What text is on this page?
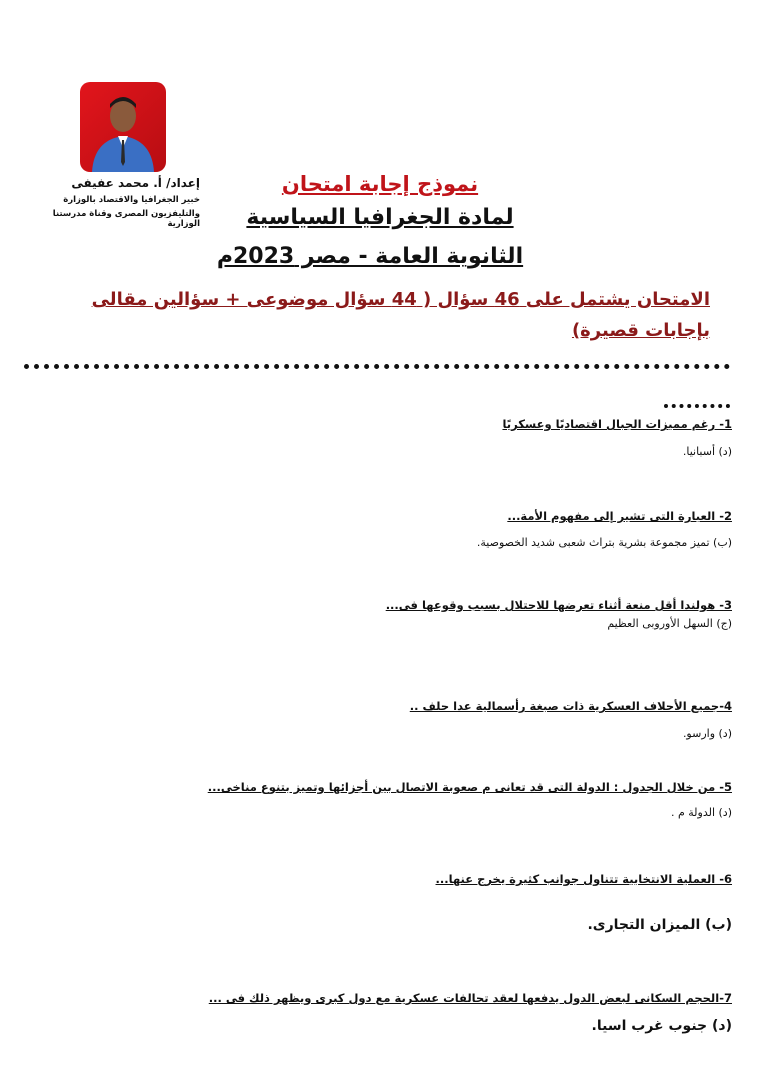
إعداد/ أ. محمد عفيفى
خبير الجغرافيا والاقتصاد بالوزارة
والتليفزيون المصرى وقناة مدرستنا الوزارية
نموذج إجابة امتحان
لمادة الجغرافيا السياسية
الثانوية العامة - مصر 2023م
الامتحان يشتمل على 46 سؤال ( 44 سؤال موضوعى + سؤالين مقالى بإجابات قصيرة)
1- رغم مميزات الجبال اقتصاديًا وعسكريًا
(د) أسبانيا.
2- العبارة التى تشير إلى مفهوم الأمة...
(ب) تميز مجموعة بشرية بتراث شعبى شديد الخصوصية.
3- هولندا أقل منعة أثناء تعرضها للاحتلال بسبب وقوعها فى...
(ج) السهل الأوروبى العظيم
4-جميع الأحلاف العسكرية ذات صبغة رأسمالية عدا حلف ..
(د) وارسو.
5- من خلال الجدول : الدولة التى قد تعانى م صعوبة الاتصال بين أجزائها وتميز بتنوع مناخى...
(د) الدولة م .
6- العملية الانتخابية تتناول جوانب كثيرة يخرج عنها...
(ب) الميزان التجارى.
7-الحجم السكانى لبعض الدول يدفعها لعقد تحالفات عسكرية مع دول كبرى ويظهر ذلك فى ...
(د) جنوب غرب اسيا.
